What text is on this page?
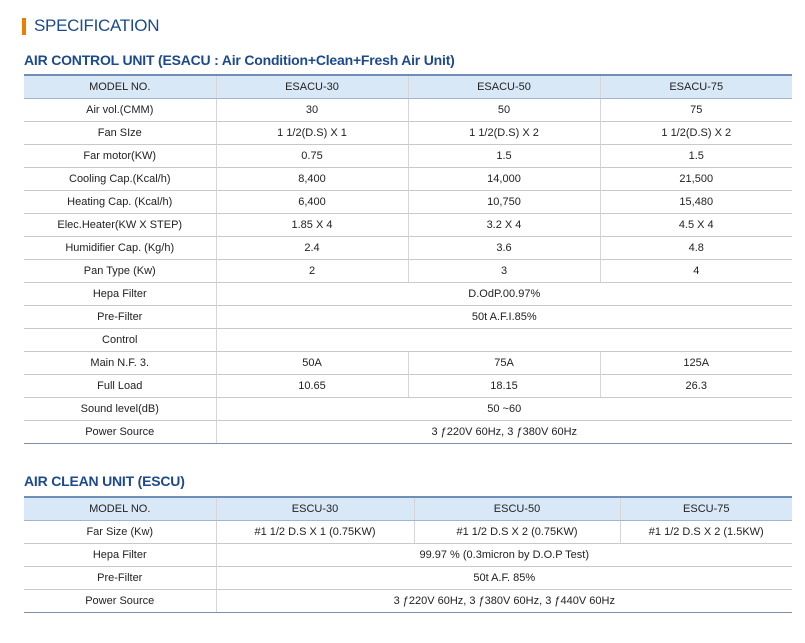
SPECIFICATION
AIR CONTROL UNIT (ESACU : Air Condition+Clean+Fresh Air Unit)
MODEL NO.	ESACU-30	ESACU-50	ESACU-75
Air vol.(CMM)	30	50	75
Fan SIze	1 1/2(D.S) X 1	1 1/2(D.S) X 2	1 1/2(D.S) X 2
Far motor(KW)	0.75	1.5	1.5
Cooling Cap.(Kcal/h)	8,400	14,000	21,500
Heating Cap. (Kcal/h)	6,400	10,750	15,480
Elec.Heater(KW X STEP)	1.85 X 4	3.2 X 4	4.5 X 4
Humidifier Cap. (Kg/h)	2.4	3.6	4.8
Pan Type (Kw)	2	3	4
Hepa Filter	D.OdP.00.97%		
Pre-Filter	50t A.F.I.85%		
Control			
Main N.F. 3.	50A	75A	125A
Full Load	10.65	18.15	26.3
Sound level(dB)	50 ~60		
Power Source	3 ƒ220V 60Hz, 3 ƒ380V 60Hz		
AIR CLEAN UNIT (ESCU)
MODEL NO.	ESCU-30	ESCU-50	ESCU-75
Far Size (Kw)	#1 1/2 D.S X 1 (0.75KW)	#1 1/2 D.S X 2 (0.75KW)	#1 1/2 D.S X 2 (1.5KW)
Hepa Filter	99.97 % (0.3micron by D.O.P Test)		
Pre-Filter	50t A.F. 85%		
Power Source	3 ƒ220V 60Hz, 3 ƒ380V 60Hz, 3 ƒ440V 60Hz		
